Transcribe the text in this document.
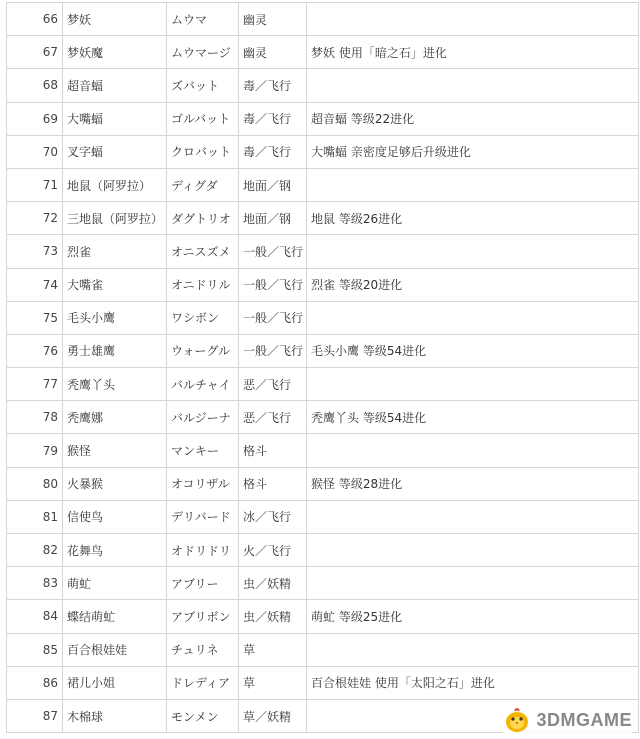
66	梦妖	ムウマ	幽灵	
67	梦妖魔	ムウマージ	幽灵	梦妖 使用「暗之石」进化
68	超音蝠	ズバット	毒／飞行	
69	大嘴蝠	ゴルバット	毒／飞行	超音蝠 等级22进化
70	叉字蝠	クロバット	毒／飞行	大嘴蝠 亲密度足够后升级进化
71	地鼠（阿罗拉）	ディグダ	地面／钢	
72	三地鼠（阿罗拉）	ダグトリオ	地面／钢	地鼠 等级26进化
73	烈雀	オニスズメ	一般／飞行	
74	大嘴雀	オニドリル	一般／飞行	烈雀 等级20进化
75	毛头小鹰	ワシボン	一般／飞行	
76	勇士雄鹰	ウォーグル	一般／飞行	毛头小鹰 等级54进化
77	秃鹰丫头	バルチャイ	恶／飞行	
78	秃鹰娜	バルジーナ	恶／飞行	秃鹰丫头 等级54进化
79	猴怪	マンキー	格斗	
80	火暴猴	オコリザル	格斗	猴怪 等级28进化
81	信使鸟	デリバード	冰／飞行	
82	花舞鸟	オドリドリ	火／飞行	
83	萌虻	アブリー	虫／妖精	
84	蝶结萌虻	アブリボン	虫／妖精	萌虻 等级25进化
85	百合根娃娃	チュリネ	草	
86	裙儿小姐	ドレディア	草	百合根娃娃 使用「太阳之石」进化
87	木棉球	モンメン	草／妖精		3DMGAME
